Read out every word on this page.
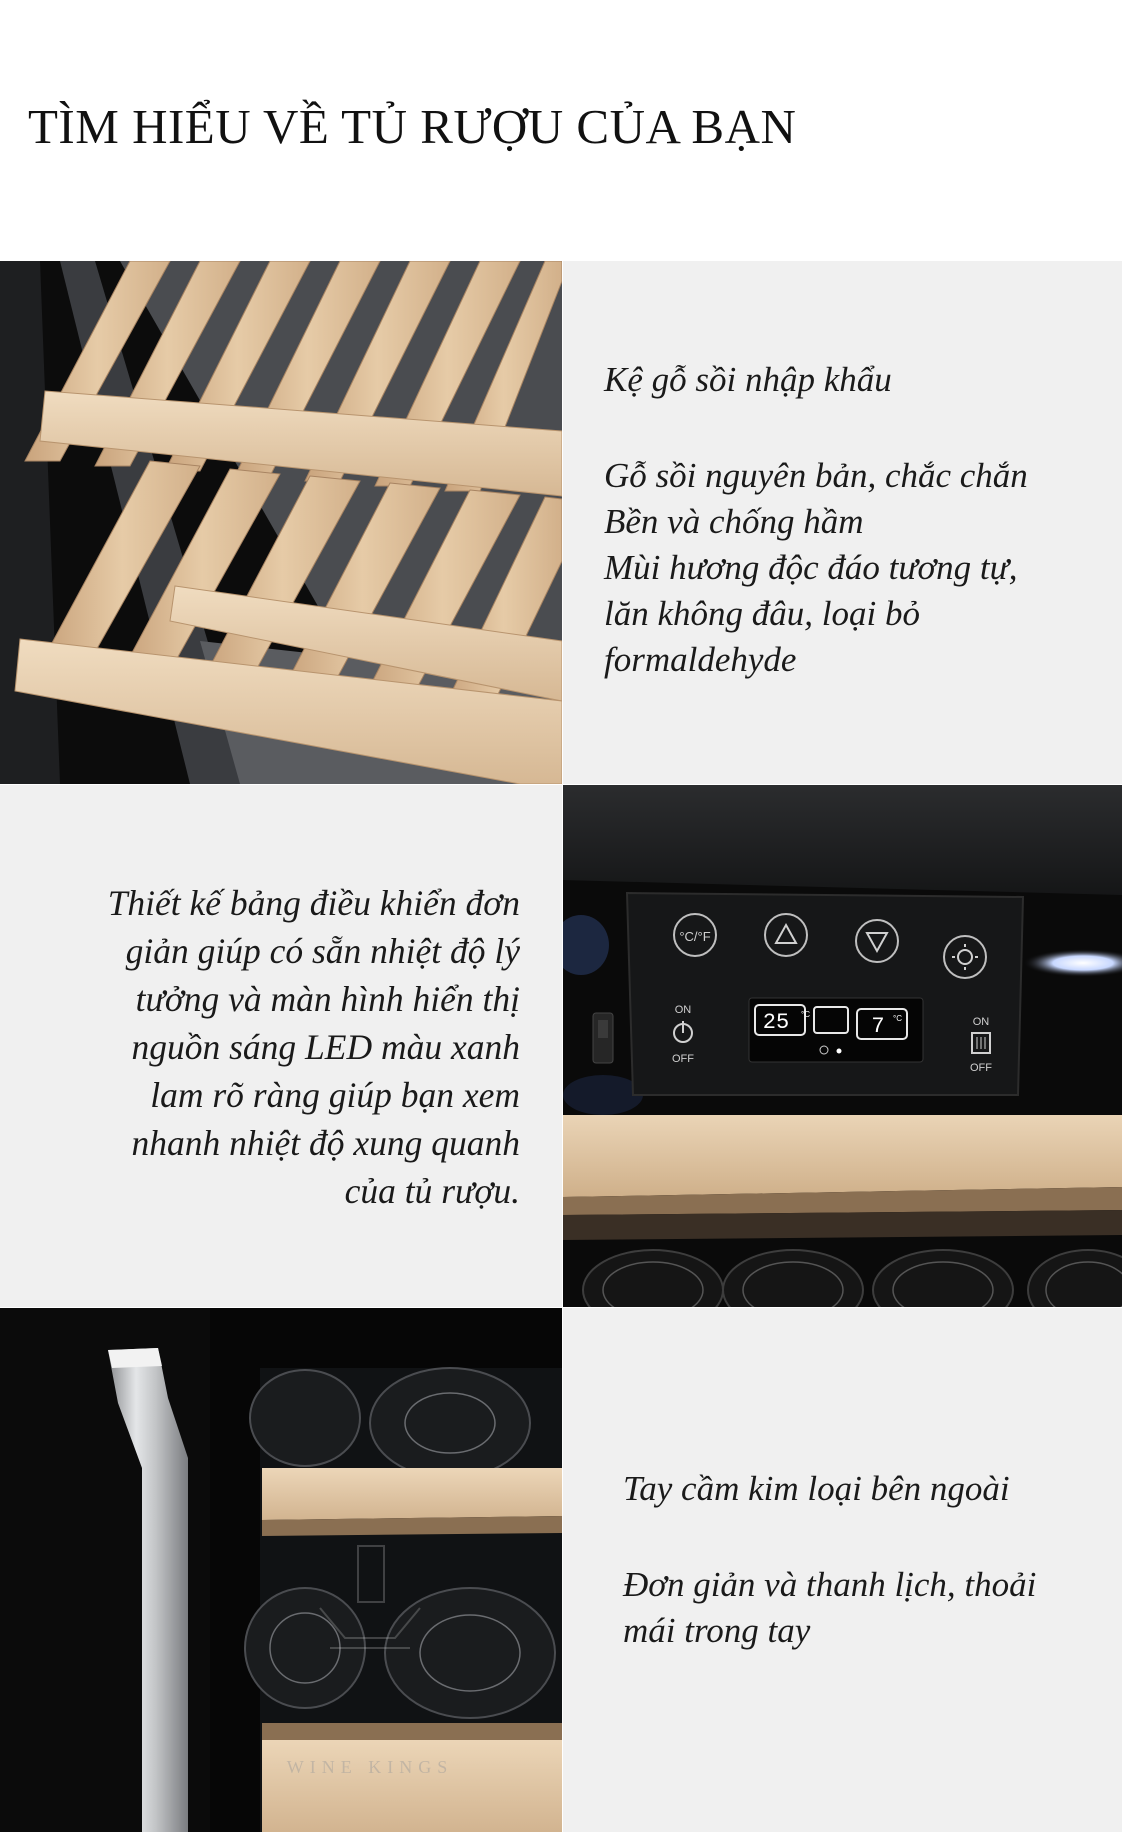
TÌM HIỂU VỀ TỦ RƯỢU CỦA BẠN

Kệ gỗ sồi nhập khẩu

Gỗ sồi nguyên bản, chắc chắn

Bền và chống hầm

Mùi hương độc đáo tương tự,

lăn không đâu, loại bỏ

formaldehyde

Thiết kế bảng điều khiển đơn

giản giúp có sẵn nhiệt độ lý

tưởng và màn hình hiển thị

nguồn sáng LED màu xanh

lam rõ ràng giúp bạn xem

nhanh nhiệt độ xung quanh

của tủ rượu.

°C/°F
ON
OFF
25 °C	7 °C	ON
OFF
WINE KINGS

Tay cầm kim loại bên ngoài

Đơn giản và thanh lịch, thoải

mái trong tay
